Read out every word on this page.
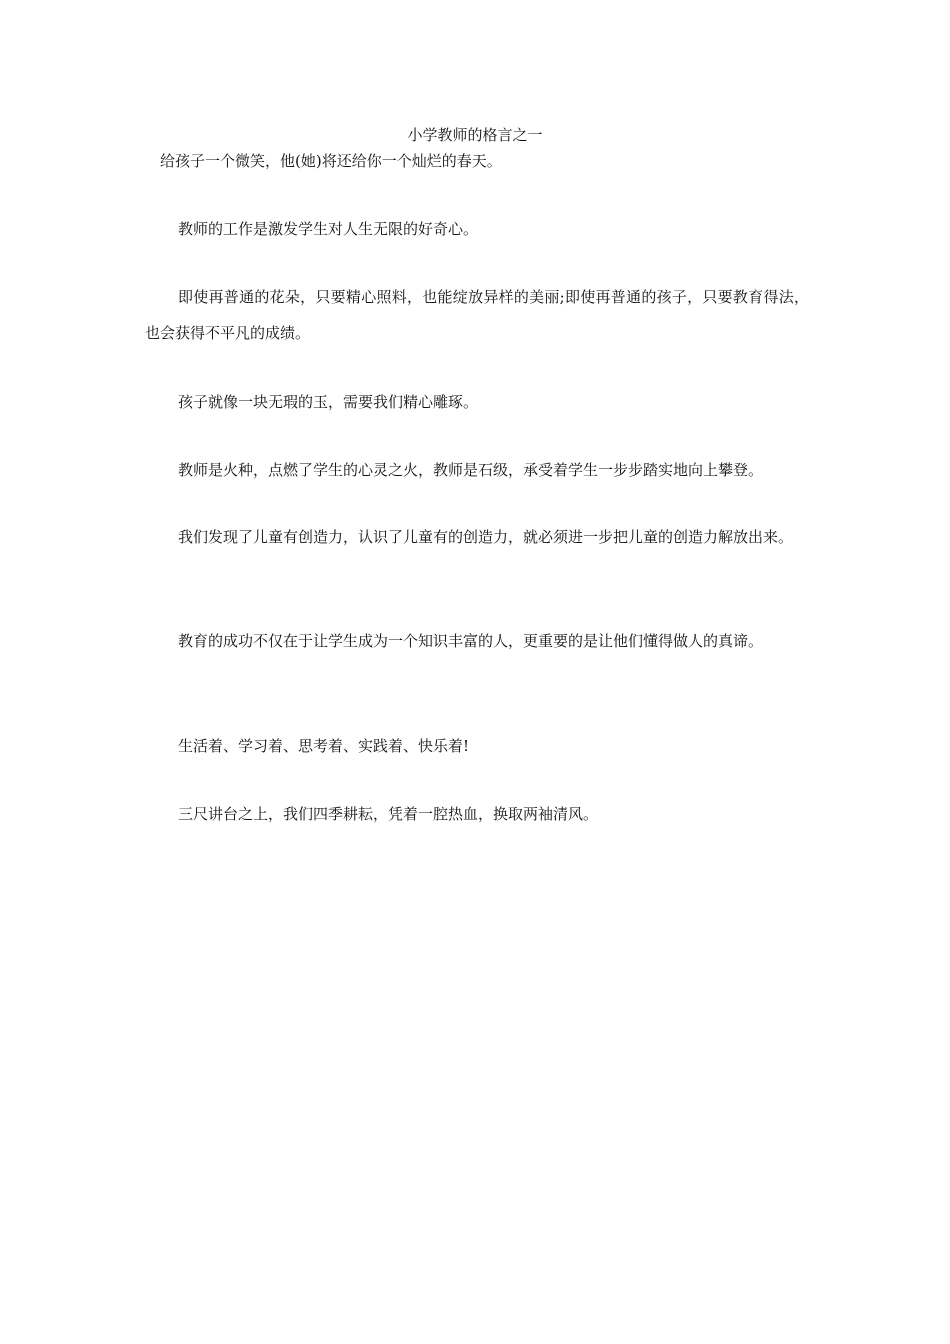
小学教师的格言之一
给孩子一个微笑，他(她)将还给你一个灿烂的春天。

教师的工作是激发学生对人生无限的好奇心。

即使再普通的花朵，只要精心照料，也能绽放异样的美丽;即使再普通的孩子，只要教育得法，也会获得不平凡的成绩。

孩子就像一块无瑕的玉，需要我们精心雕琢。

教师是火种，点燃了学生的心灵之火，教师是石级，承受着学生一步步踏实地向上攀登。

我们发现了儿童有创造力，认识了儿童有的创造力，就必须进一步把儿童的创造力解放出来。

教育的成功不仅在于让学生成为一个知识丰富的人，更重要的是让他们懂得做人的真谛。

生活着、学习着、思考着、实践着、快乐着!

三尺讲台之上，我们四季耕耘，凭着一腔热血，换取两袖清风。
